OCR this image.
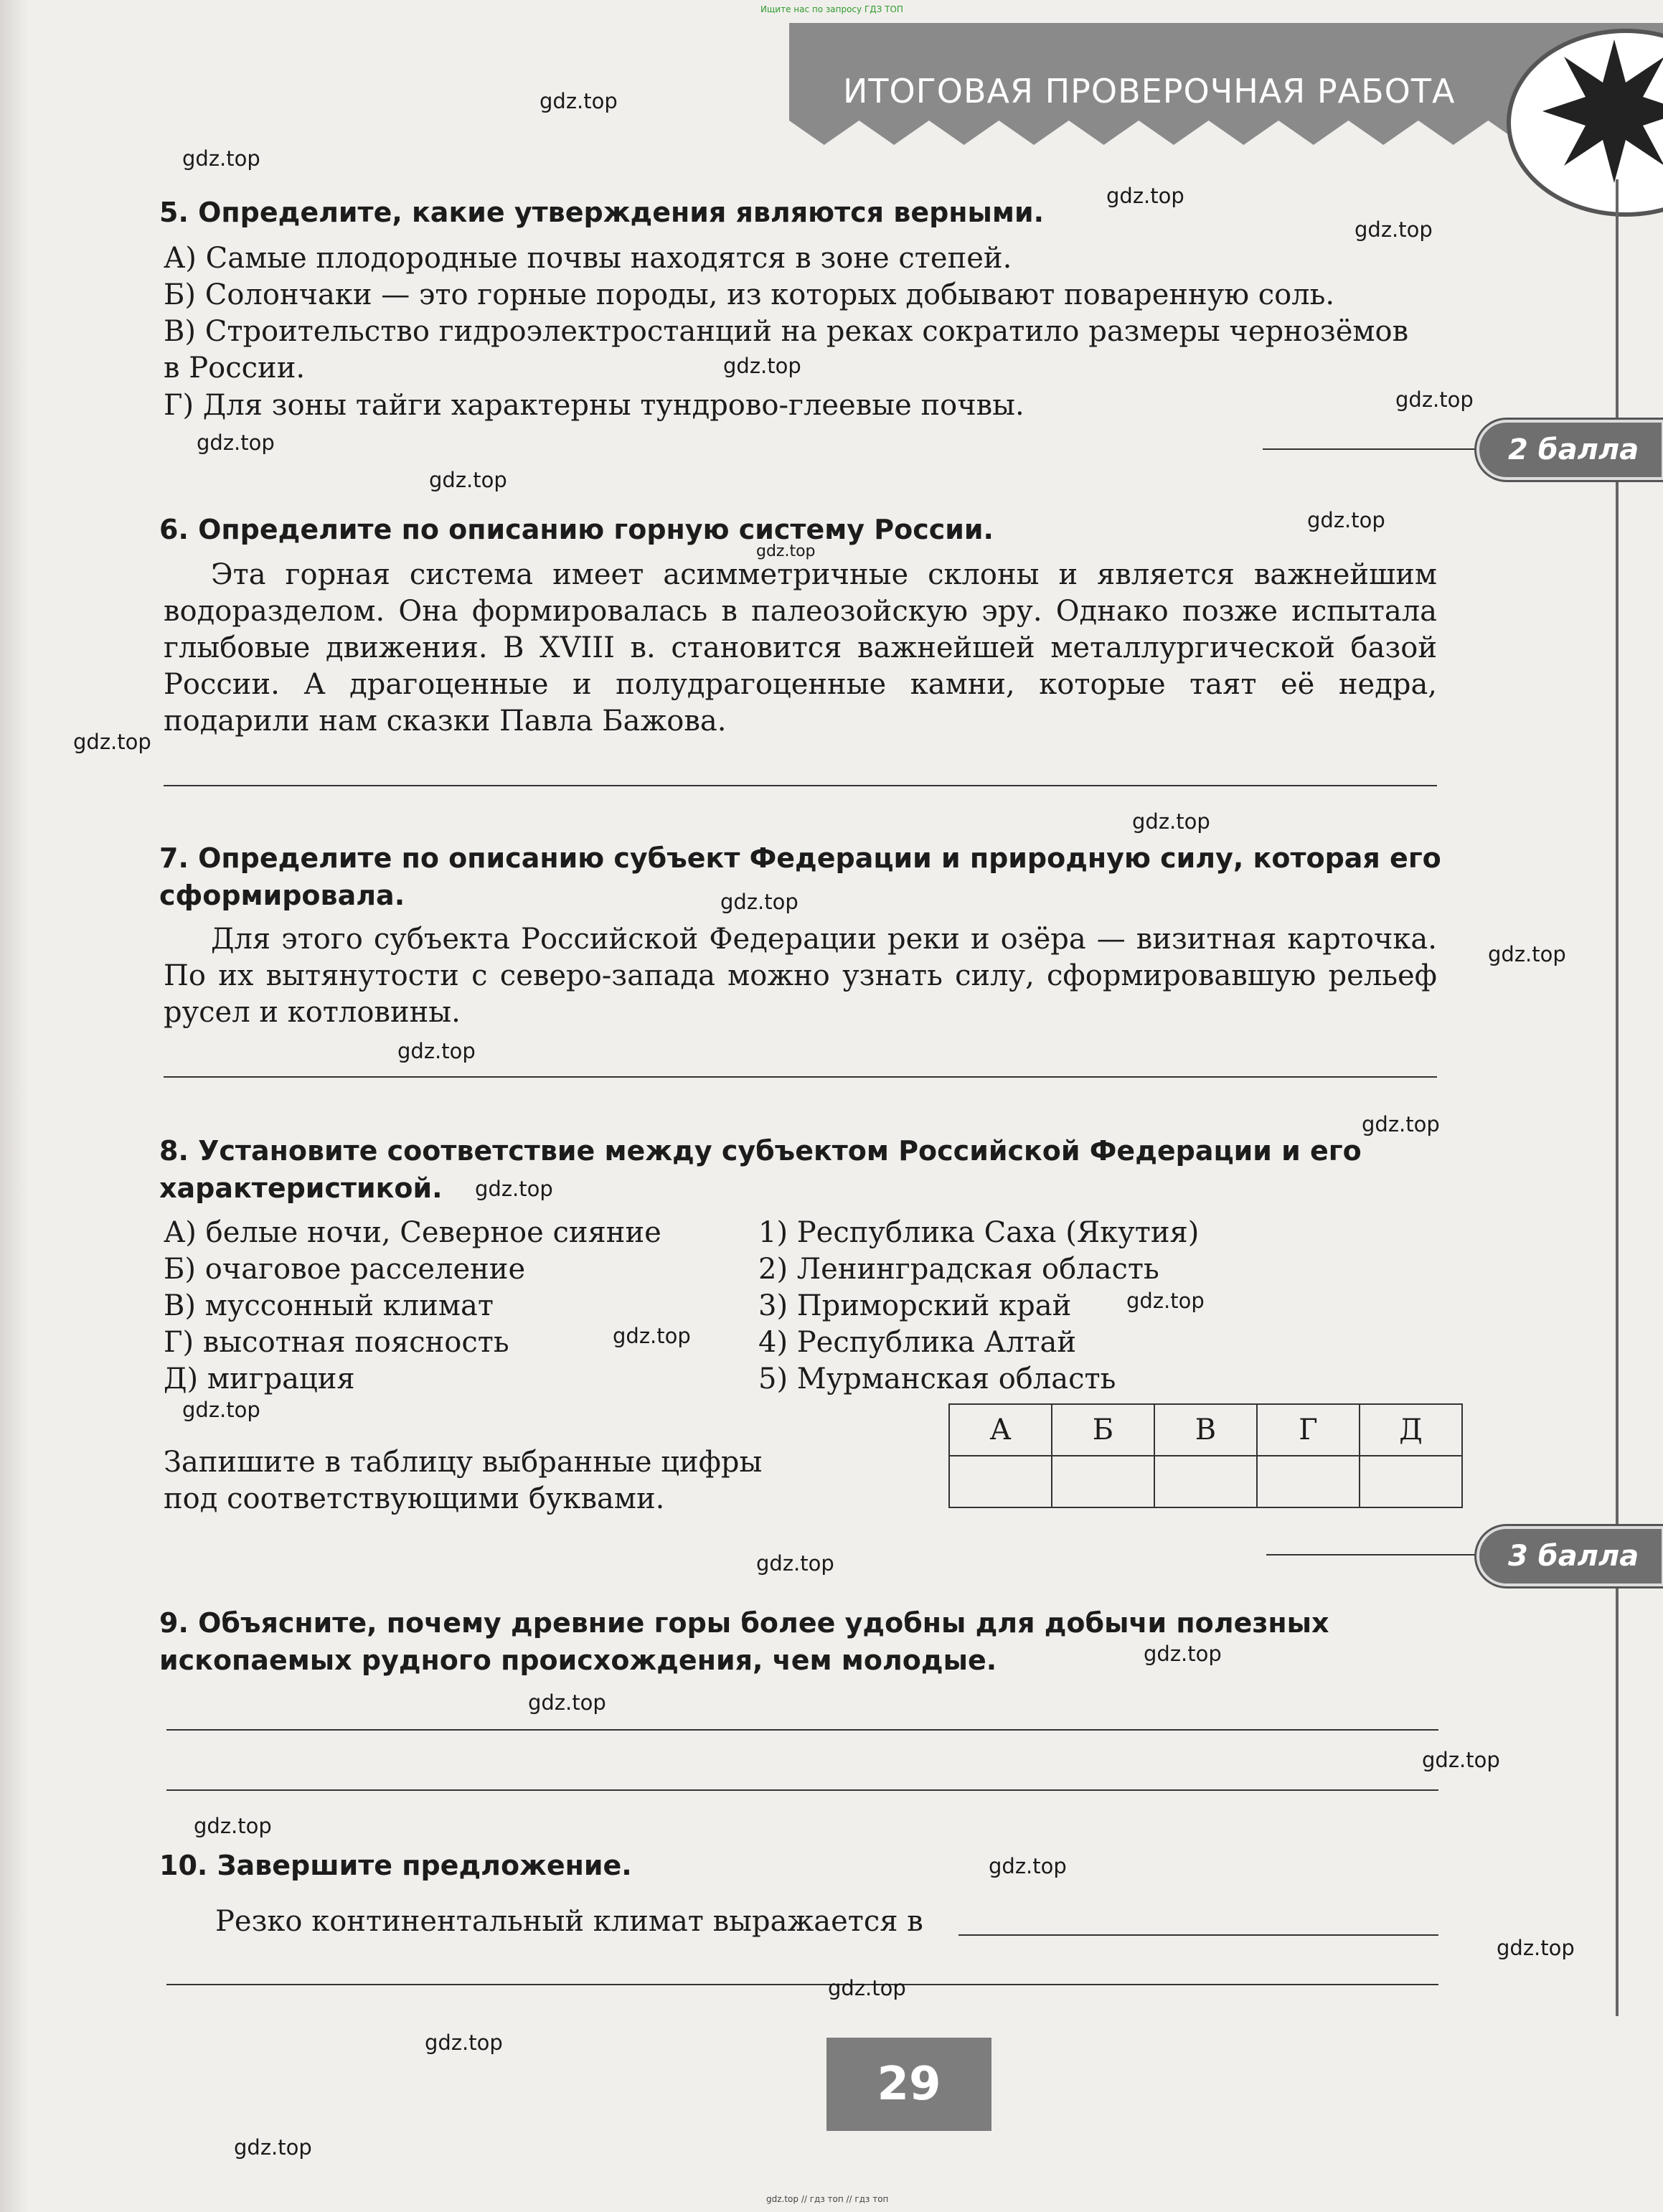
Ищите нас по запросу ГДЗ ТОП
ИТОГОВАЯ ПРОВЕРОЧНАЯ РАБОТА
5. Определите, какие утверждения являются верными.
А) Самые плодородные почвы находятся в зоне степей.
Б) Солончаки — это горные породы, из которых добывают поваренную соль.
В) Строительство гидроэлектростанций на реках сократило размеры чернозёмов
в России.
Г) Для зоны тайги характерны тундрово-глеевые почвы.
2 балла
6. Определите по описанию горную систему России.
Эта горная система имеет асимметричные склоны и является важнейшим водоразделом. Она формировалась в палеозойскую эру. Однако позже испытала глыбовые движения. В XVIII в. становится важнейшей металлургической базой России. А драгоценные и полудрагоценные камни, которые таят её недра, подарили нам сказки Павла Бажова.
7. Определите по описанию субъект Федерации и природную силу, которая его сформировала.
Для этого субъекта Российской Федерации реки и озёра — визитная карточка. По их вытянутости с северо-запада можно узнать силу, сформировавшую рельеф русел и котловины.
8. Установите соответствие между субъектом Российской Федерации и его характеристикой.
А) белые ночи, Северное сияние
Б) очаговое расселение
В) муссонный климат
Г) высотная поясность
Д) миграция
1) Республика Саха (Якутия)
2) Ленинградская область
3) Приморский край
4) Республика Алтай
5) Мурманская область
Запишите в таблицу выбранные цифры
под соответствующими буквами.
А	Б	В	Г	Д

3 балла
9. Объясните, почему древние горы более удобны для добычи полезных ископаемых рудного происхождения, чем молодые.
10. Завершите предложение.
Резко континентальный климат выражается в
29
gdz.top
gdz.top
gdz.top
gdz.top
gdz.top
gdz.top
gdz.top
gdz.top
gdz.top
gdz.top
gdz.top
gdz.top
gdz.top
gdz.top
gdz.top
gdz.top
gdz.top
gdz.top
gdz.top
gdz.top
gdz.top
gdz.top
gdz.top
gdz.top
gdz.top
gdz.top
gdz.top
gdz.top
gdz.top
gdz.top
gdz.top // гдз топ // гдз топ
